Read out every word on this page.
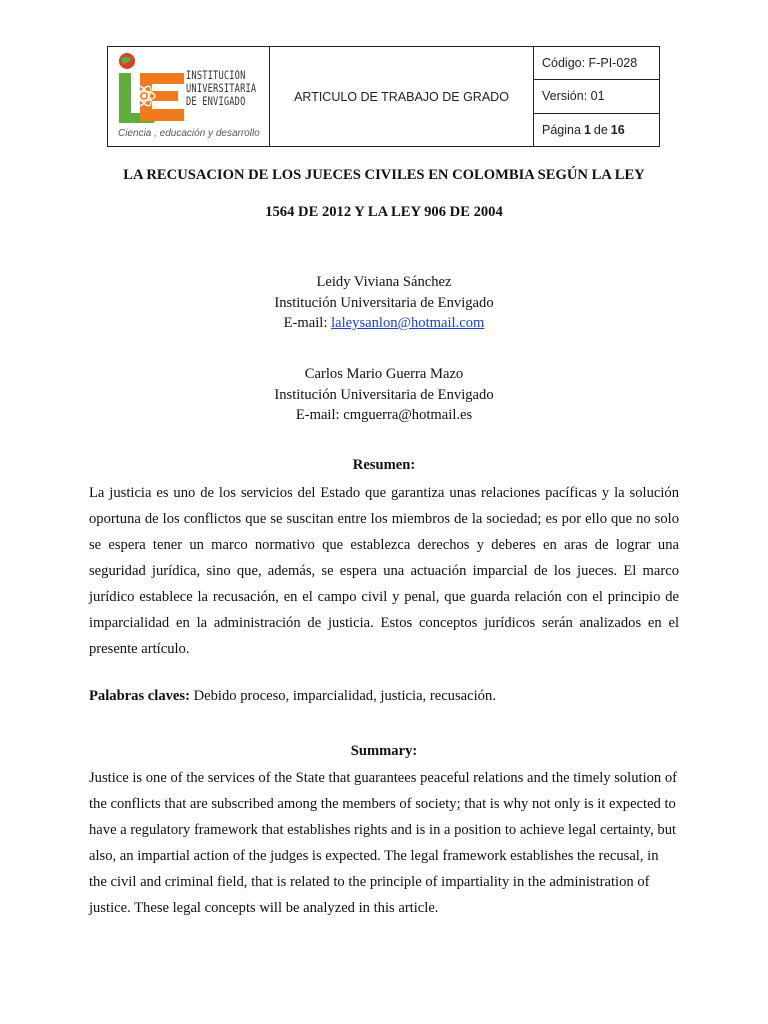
INSTITUCIÓN
UNIVERSITARIA
DE ENVIGADO
Ciencia , educación y desarrollo
ARTICULO DE TRABAJO DE GRADO
Código: F-PI-028
Versión: 01
Página 1 de 16
LA RECUSACION DE LOS JUECES CIVILES EN COLOMBIA SEGÚN LA LEY
1564 DE 2012 Y LA LEY 906 DE 2004
Leidy Viviana Sánchez
Institución Universitaria de Envigado
E-mail: laleysanlon@hotmail.com
Carlos Mario Guerra Mazo
Institución Universitaria de Envigado
E-mail: cmguerra@hotmail.es
Resumen:
La justicia es uno de los servicios del Estado que garantiza unas relaciones pacíficas y la solución oportuna de los conflictos que se suscitan entre los miembros de la sociedad; es por ello que no solo se espera tener un marco normativo que establezca derechos y deberes en aras de lograr una seguridad jurídica, sino que, además, se espera una actuación imparcial de los jueces. El marco jurídico establece la recusación, en el campo civil y penal, que guarda relación con el principio de imparcialidad en la administración de justicia. Estos conceptos jurídicos serán analizados en el presente artículo.
Palabras claves: Debido proceso, imparcialidad, justicia, recusación.
Summary:
Justice is one of the services of the State that guarantees peaceful relations and the timely solution of the conflicts that are subscribed among the members of society; that is why not only is it expected to have a regulatory framework that establishes rights and is in a position to achieve legal certainty, but also, an impartial action of the judges is expected. The legal framework establishes the recusal, in the civil and criminal field, that is related to the principle of impartiality in the administration of justice. These legal concepts will be analyzed in this article.
